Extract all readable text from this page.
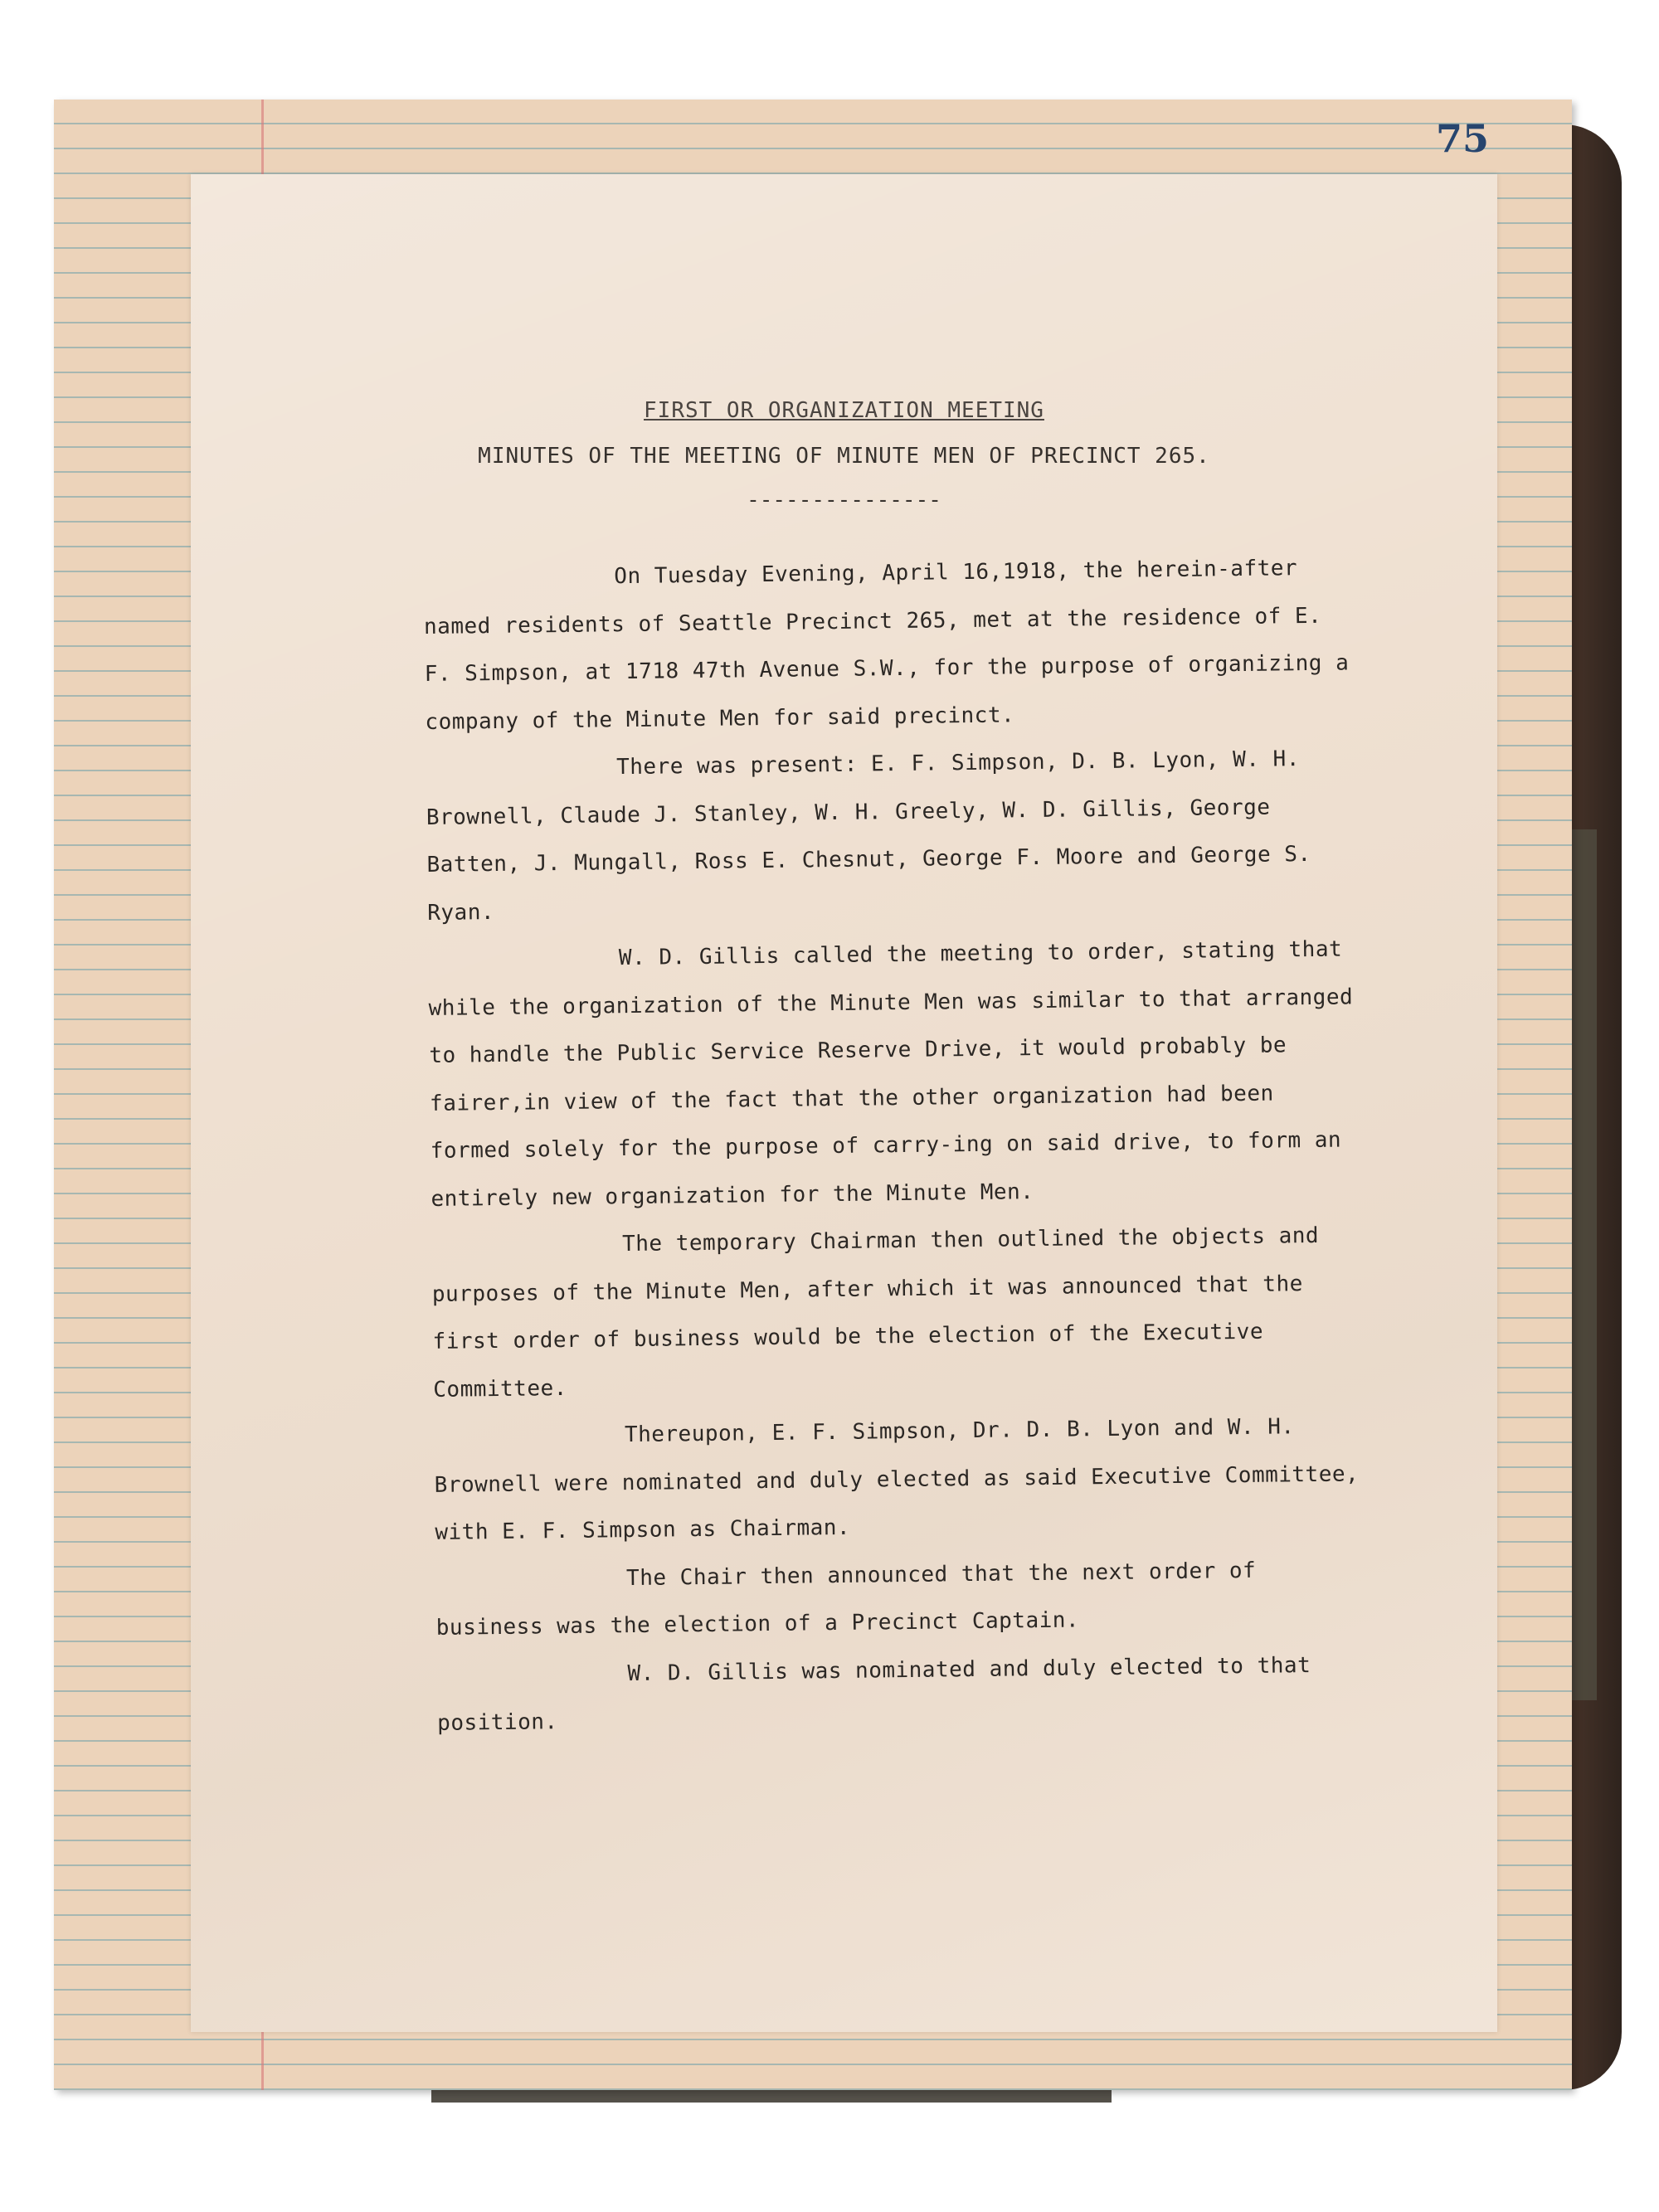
75
FIRST OR ORGANIZATION MEETING
MINUTES OF THE MEETING OF MINUTE MEN OF PRECINCT 265.
---------------

On Tuesday Evening, April 16,1918, the herein-after named residents of Seattle Precinct 265, met at the residence of E. F. Simpson, at 1718 47th Avenue S.W., for the purpose of organizing a company of the Minute Men for said precinct.

There was present: E. F. Simpson, D. B. Lyon, W. H. Brownell, Claude J. Stanley, W. H. Greely, W. D. Gillis, George Batten, J. Mungall, Ross E. Chesnut, George F. Moore and George S. Ryan.

W. D. Gillis called the meeting to order, stating that while the organization of the Minute Men was similar to that arranged to handle the Public Service Reserve Drive, it would probably be fairer,in view of the fact that the other organization had been formed solely for the purpose of carry-ing on said drive, to form an entirely new organization for the Minute Men.

The temporary Chairman then outlined the objects and purposes of the Minute Men, after which it was announced that the first order of business would be the election of the Executive Committee.

Thereupon, E. F. Simpson, Dr. D. B. Lyon and W. H. Brownell were nominated and duly elected as said Executive Committee, with E. F. Simpson as Chairman.

The Chair then announced that the next order of business was the election of a Precinct Captain.

W. D. Gillis was nominated and duly elected to that position.
